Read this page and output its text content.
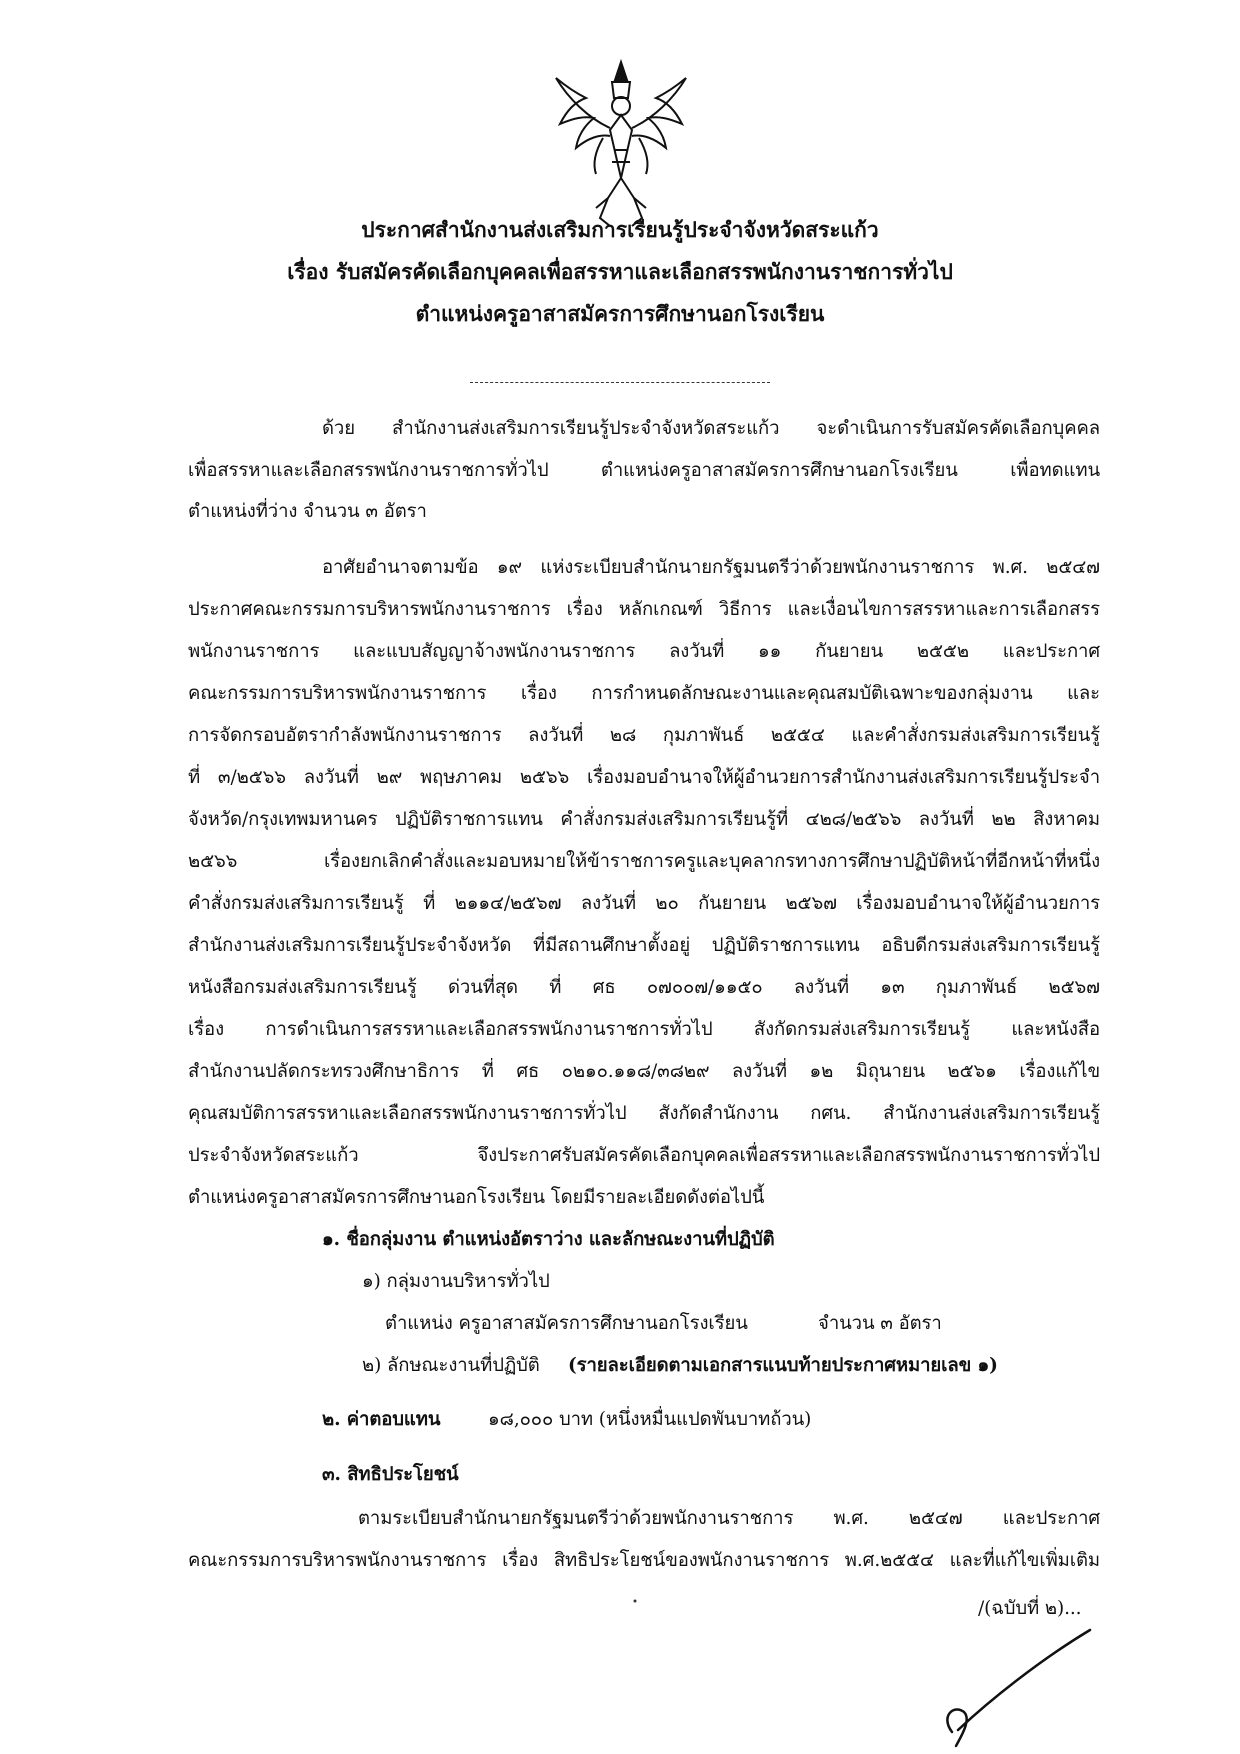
ประกาศสำนักงานส่งเสริมการเรียนรู้ประจำจังหวัดสระแก้ว
เรื่อง รับสมัครคัดเลือกบุคคลเพื่อสรรหาและเลือกสรรพนักงานราชการทั่วไป
ตำแหน่งครูอาสาสมัครการศึกษานอกโรงเรียน
ด้วย สำนักงานส่งเสริมการเรียนรู้ประจำจังหวัดสระแก้ว จะดำเนินการรับสมัครคัดเลือกบุคคล
เพื่อสรรหาและเลือกสรรพนักงานราชการทั่วไป ตำแหน่งครูอาสาสมัครการศึกษานอกโรงเรียน เพื่อทดแทน
ตำแหน่งที่ว่าง จำนวน ๓ อัตรา
อาศัยอำนาจตามข้อ ๑๙ แห่งระเบียบสำนักนายกรัฐมนตรีว่าด้วยพนักงานราชการ พ.ศ. ๒๕๔๗
ประกาศคณะกรรมการบริหารพนักงานราชการ เรื่อง หลักเกณฑ์ วิธีการ และเงื่อนไขการสรรหาและการเลือกสรร
พนักงานราชการ และแบบสัญญาจ้างพนักงานราชการ ลงวันที่ ๑๑ กันยายน ๒๕๕๒ และประกาศ
คณะกรรมการบริหารพนักงานราชการ เรื่อง การกำหนดลักษณะงานและคุณสมบัติเฉพาะของกลุ่มงาน และ
การจัดกรอบอัตรากำลังพนักงานราชการ ลงวันที่ ๒๘ กุมภาพันธ์ ๒๕๕๔ และคำสั่งกรมส่งเสริมการเรียนรู้
ที่ ๓/๒๕๖๖ ลงวันที่ ๒๙ พฤษภาคม ๒๕๖๖ เรื่องมอบอำนาจให้ผู้อำนวยการสำนักงานส่งเสริมการเรียนรู้ประจำ
จังหวัด/กรุงเทพมหานคร ปฏิบัติราชการแทน คำสั่งกรมส่งเสริมการเรียนรู้ที่ ๔๒๘/๒๕๖๖ ลงวันที่ ๒๒ สิงหาคม
๒๕๖๖ เรื่องยกเลิกคำสั่งและมอบหมายให้ข้าราชการครูและบุคลากรทางการศึกษาปฏิบัติหน้าที่อีกหน้าที่หนึ่ง
คำสั่งกรมส่งเสริมการเรียนรู้ ที่ ๒๑๑๔/๒๕๖๗ ลงวันที่ ๒๐ กันยายน ๒๕๖๗ เรื่องมอบอำนาจให้ผู้อำนวยการ
สำนักงานส่งเสริมการเรียนรู้ประจำจังหวัด ที่มีสถานศึกษาตั้งอยู่ ปฏิบัติราชการแทน อธิบดีกรมส่งเสริมการเรียนรู้
หนังสือกรมส่งเสริมการเรียนรู้ ด่วนที่สุด ที่ ศธ ๐๗๐๐๗/๑๑๕๐ ลงวันที่ ๑๓ กุมภาพันธ์ ๒๕๖๗
เรื่อง การดำเนินการสรรหาและเลือกสรรพนักงานราชการทั่วไป สังกัดกรมส่งเสริมการเรียนรู้ และหนังสือ
สำนักงานปลัดกระทรวงศึกษาธิการ ที่ ศธ ๐๒๑๐.๑๑๘/๓๘๒๙ ลงวันที่ ๑๒ มิถุนายน ๒๕๖๑ เรื่องแก้ไข
คุณสมบัติการสรรหาและเลือกสรรพนักงานราชการทั่วไป สังกัดสำนักงาน กศน. สำนักงานส่งเสริมการเรียนรู้
ประจำจังหวัดสระแก้ว จึงประกาศรับสมัครคัดเลือกบุคคลเพื่อสรรหาและเลือกสรรพนักงานราชการทั่วไป
ตำแหน่งครูอาสาสมัครการศึกษานอกโรงเรียน โดยมีรายละเอียดดังต่อไปนี้
๑. ชื่อกลุ่มงาน ตำแหน่งอัตราว่าง และลักษณะงานที่ปฏิบัติ
๑) กลุ่มงานบริหารทั่วไป
ตำแหน่ง ครูอาสาสมัครการศึกษานอกโรงเรียน	จำนวน ๓ อัตรา
๒) ลักษณะงานที่ปฏิบัติ (รายละเอียดตามเอกสารแนบท้ายประกาศหมายเลข ๑)
๒. ค่าตอบแทน	๑๘,๐๐๐ บาท (หนึ่งหมื่นแปดพันบาทถ้วน)
๓. สิทธิประโยชน์
ตามระเบียบสำนักนายกรัฐมนตรีว่าด้วยพนักงานราชการ พ.ศ. ๒๕๔๗ และประกาศ
คณะกรรมการบริหารพนักงานราชการ เรื่อง สิทธิประโยชน์ของพนักงานราชการ พ.ศ.๒๕๕๔ และที่แก้ไขเพิ่มเติม
/(ฉบับที่ ๒)...
